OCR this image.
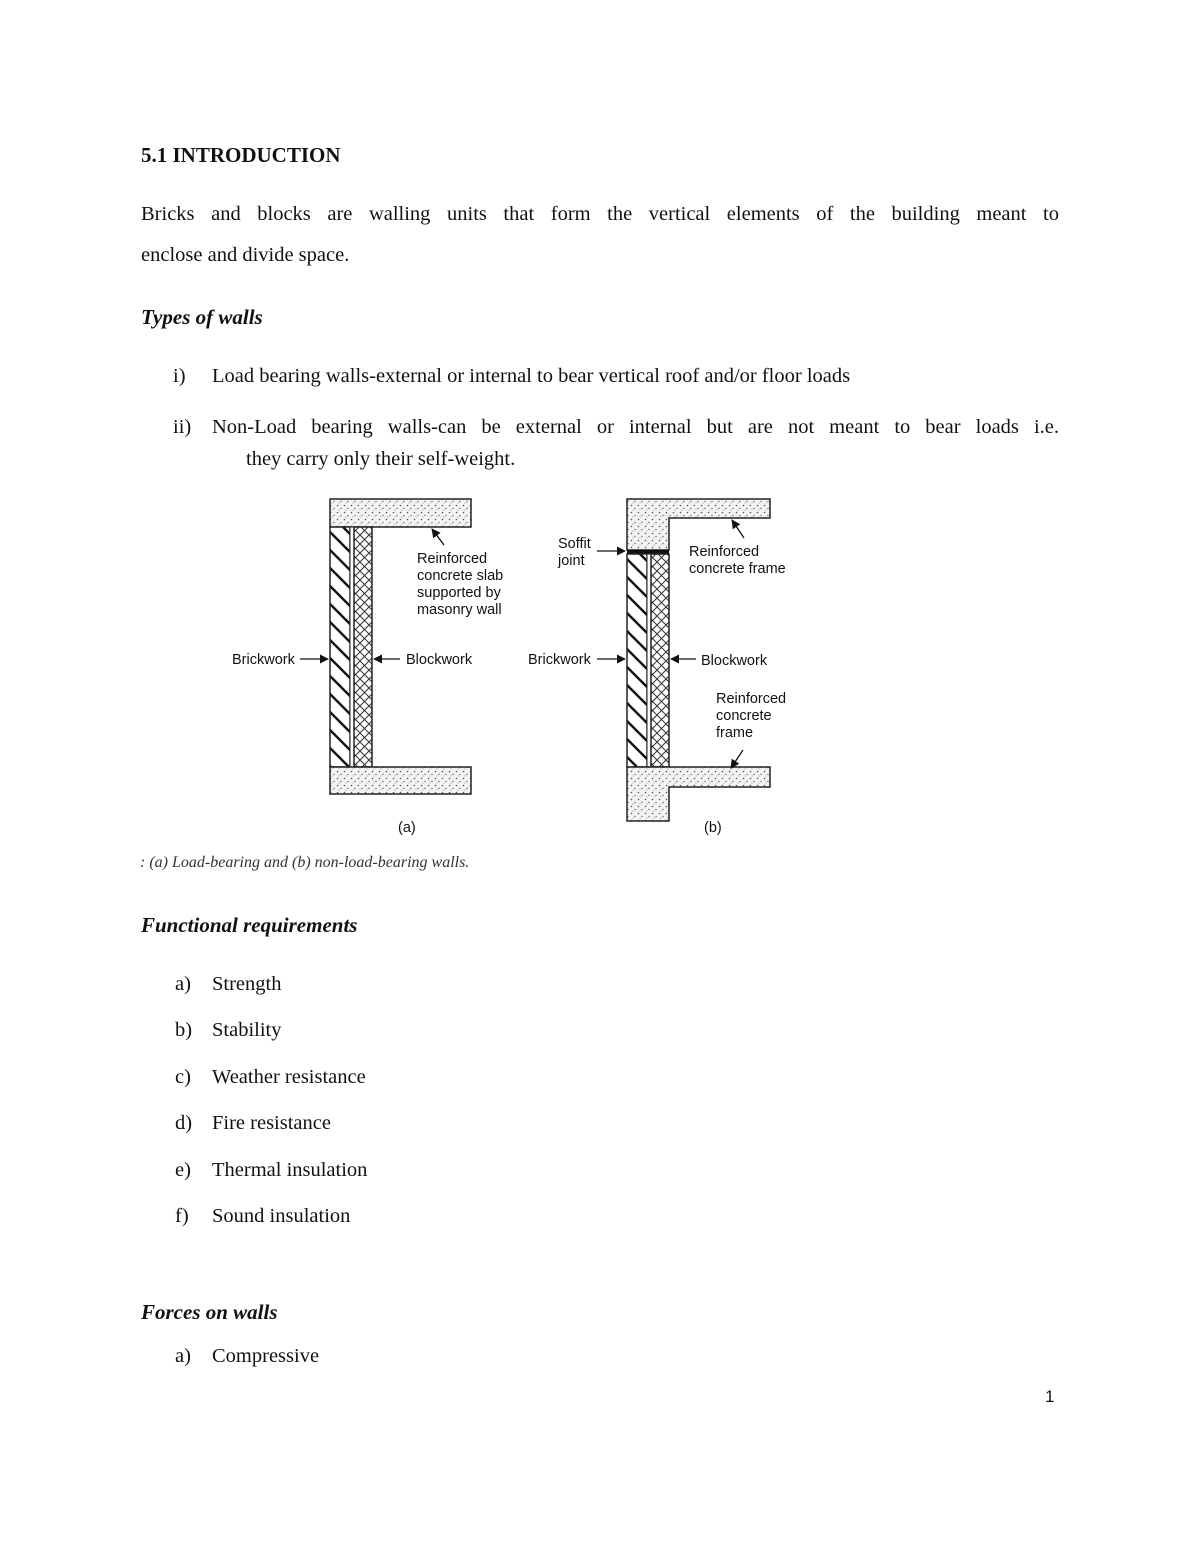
5.1 INTRODUCTION
Bricks and blocks are walling units that form the vertical elements of the building meant to
enclose and divide space.
Types of walls
i) Load bearing walls-external or internal to bear vertical roof and/or floor loads
ii)	Non-Load bearing walls-can be external or internal but are not meant to bear loads i.e.
they carry only their self-weight.
Reinforced
concrete slab
supported by
masonry wall
Brickwork	Blockwork
(a)
Soffit
joint
Reinforced
concrete frame
Brickwork	Blockwork
Reinforced
concrete
frame
(b)
: (a) Load-bearing and (b) non-load-bearing walls.
Functional requirements
a) Strength
b) Stability
c) Weather resistance
d) Fire resistance
e) Thermal insulation
f) Sound insulation
Forces on walls
a) Compressive
1
